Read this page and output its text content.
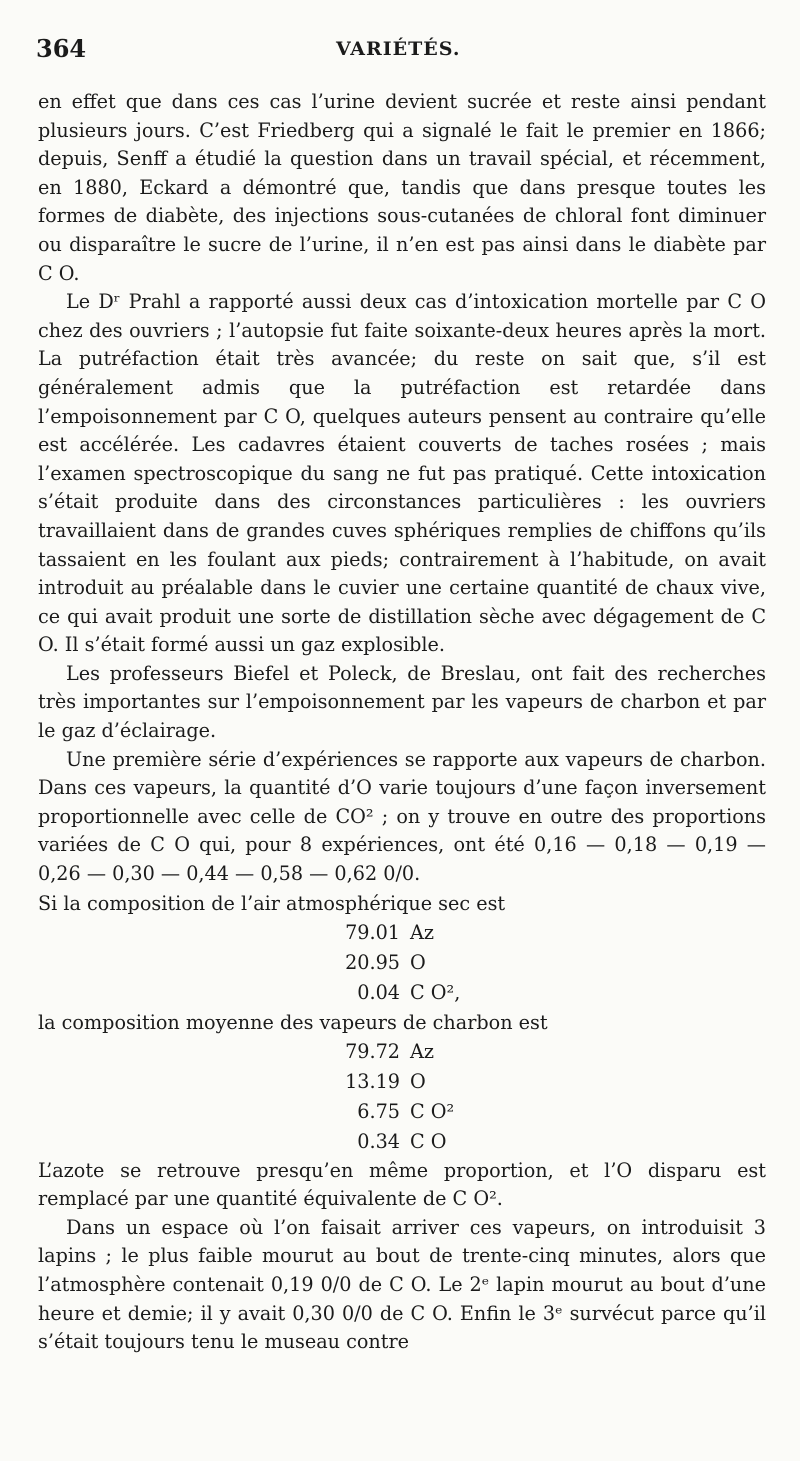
364	VARIÉTÉS.

en effet que dans ces cas l’urine devient sucrée et reste ainsi pendant plusieurs jours. C’est Friedberg qui a signalé le fait le premier en 1866; depuis, Senff a étudié la question dans un travail spécial, et récemment, en 1880, Eckard a démontré que, tandis que dans presque toutes les formes de diabète, des injections sous-cutanées de chloral font diminuer ou disparaître le sucre de l’urine, il n’en est pas ainsi dans le diabète par C O.

Le Dʳ Prahl a rapporté aussi deux cas d’intoxication mortelle par C O chez des ouvriers ; l’autopsie fut faite soixante-deux heures après la mort. La putréfaction était très avancée; du reste on sait que, s’il est généralement admis que la putréfaction est retardée dans l’empoisonnement par C O, quelques auteurs pensent au contraire qu’elle est accélérée. Les cadavres étaient couverts de taches rosées ; mais l’examen spectroscopique du sang ne fut pas pratiqué. Cette intoxication s’était produite dans des circonstances particulières : les ouvriers travaillaient dans de grandes cuves sphériques remplies de chiffons qu’ils tassaient en les foulant aux pieds; contrairement à l’habitude, on avait introduit au préalable dans le cuvier une certaine quantité de chaux vive, ce qui avait produit une sorte de distillation sèche avec dégagement de C O. Il s’était formé aussi un gaz explosible.

Les professeurs Biefel et Poleck, de Breslau, ont fait des recherches très importantes sur l’empoisonnement par les vapeurs de charbon et par le gaz d’éclairage.

Une première série d’expériences se rapporte aux vapeurs de charbon. Dans ces vapeurs, la quantité d’O varie toujours d’une façon inversement proportionnelle avec celle de CO² ; on y trouve en outre des proportions variées de C O qui, pour 8 expériences, ont été 0,16 — 0,18 — 0,19 — 0,26 — 0,30 — 0,44 — 0,58 — 0,62 0/0.

Si la composition de l’air atmosphérique sec est

79.01 Az
20.95 O
0.04 C O²,

la composition moyenne des vapeurs de charbon est

79.72 Az
13.19 O
6.75 C O²
0.34 C O

L’azote se retrouve presqu’en même proportion, et l’O disparu est remplacé par une quantité équivalente de C O².

Dans un espace où l’on faisait arriver ces vapeurs, on introduisit 3 lapins ; le plus faible mourut au bout de trente-cinq minutes, alors que l’atmosphère contenait 0,19 0/0 de C O. Le 2ᵉ lapin mourut au bout d’une heure et demie; il y avait 0,30 0/0 de C O. Enfin le 3ᵉ survécut parce qu’il s’était toujours tenu le museau contre
